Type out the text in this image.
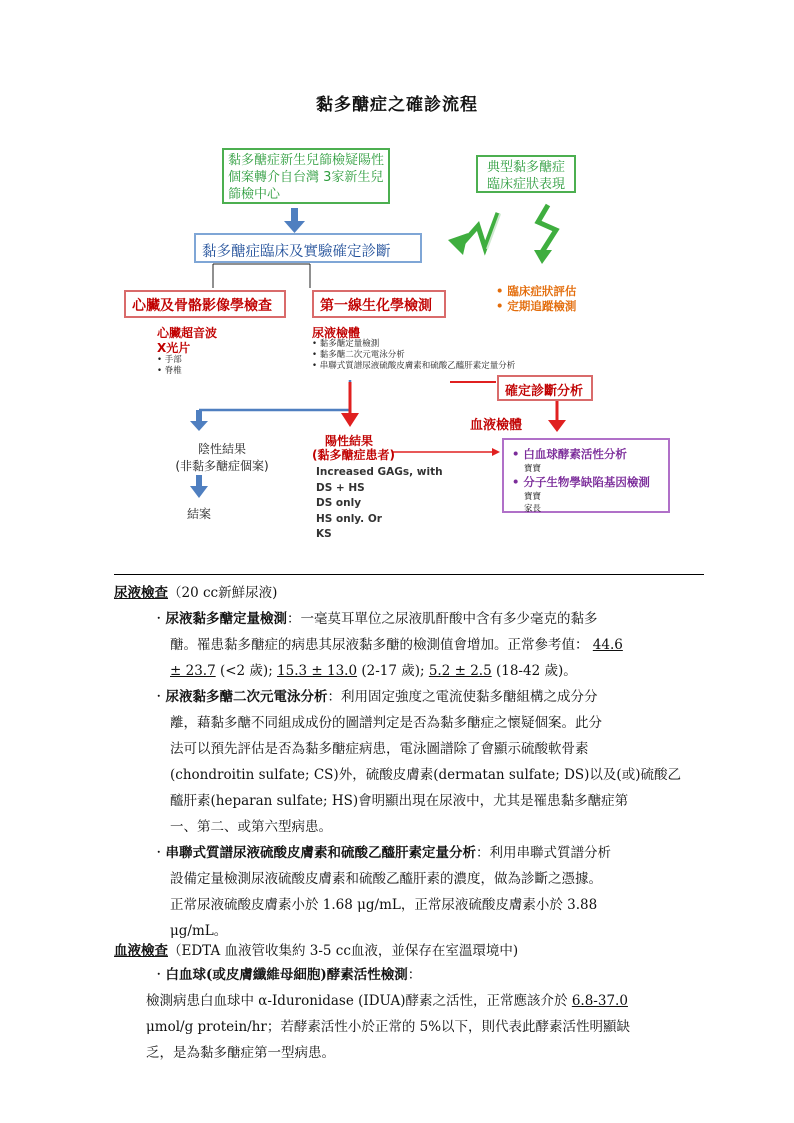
黏多醣症之確診流程
黏多醣症新生兒篩檢疑陽性個案轉介自台灣 3家新生兒篩檢中心
典型黏多醣症臨床症狀表現
黏多醣症臨床及實驗確定診斷
• 臨床症狀評估
• 定期追蹤檢測
心臟及骨骼影像學檢查	第一線生化學檢測
心臟超音波
X光片
• 手部
• 脊椎
尿液檢體
• 黏多醣定量檢測
• 黏多醣二次元電泳分析
• 串聯式質譜尿液硫酸皮膚素和硫酸乙醯肝素定量分析
確定診斷分析
血液檢體
陰性結果
(非黏多醣症個案)
結案
陽性結果
(黏多醣症患者)
Increased GAGs, with
DS + HS
DS only
HS only. Or
KS
• 白血球酵素活性分析
寶寶
• 分子生物學缺陷基因檢測
寶寶
家長
尿液檢查（20 cc新鮮尿液)
‧尿液黏多醣定量檢測：一毫莫耳單位之尿液肌酐酸中含有多少毫克的黏多
醣。罹患黏多醣症的病患其尿液黏多醣的檢測值會增加。正常參考值： 44.6
± 23.7 (<2 歲); 15.3 ± 13.0 (2-17 歲); 5.2 ± 2.5 (18-42 歲)。
‧尿液黏多醣二次元電泳分析：利用固定強度之電流使黏多醣組構之成分分
離，藉黏多醣不同組成成份的圖譜判定是否為黏多醣症之懷疑個案。此分
法可以預先評估是否為黏多醣症病患，電泳圖譜除了會顯示硫酸軟骨素
(chondroitin sulfate; CS)外，硫酸皮膚素(dermatan sulfate; DS)以及(或)硫酸乙
醯肝素(heparan sulfate; HS)會明顯出現在尿液中，尤其是罹患黏多醣症第
一、第二、或第六型病患。
‧串聯式質譜尿液硫酸皮膚素和硫酸乙醯肝素定量分析：利用串聯式質譜分析
設備定量檢測尿液硫酸皮膚素和硫酸乙醯肝素的濃度，做為診斷之憑據。
正常尿液硫酸皮膚素小於 1.68 μg/mL，正常尿液硫酸皮膚素小於 3.88
μg/mL。
血液檢查（EDTA 血液管收集約 3-5 cc血液，並保存在室溫環境中)
‧白血球(或皮膚纖維母細胞)酵素活性檢測：
檢測病患白血球中 α-Iduronidase (IDUA)酵素之活性，正常應該介於 6.8-37.0
μmol/g protein/hr；若酵素活性小於正常的 5%以下，則代表此酵素活性明顯缺
乏，是為黏多醣症第一型病患。
